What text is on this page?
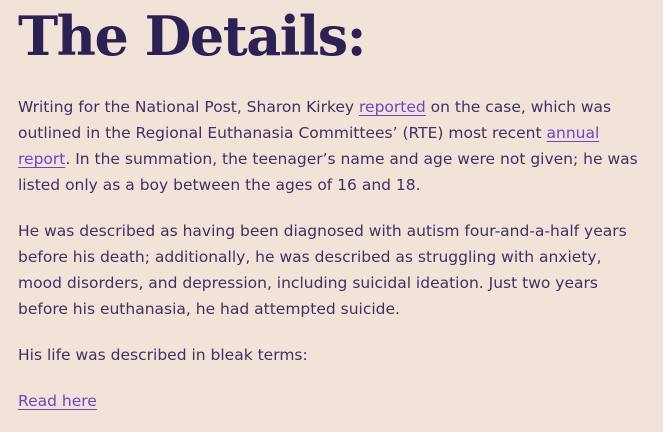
The Details:

Writing for the National Post, Sharon Kirkey reported on the case, which was outlined in the Regional Euthanasia Committees’ (RTE) most recent annual report. In the summation, the teenager’s name and age were not given; he was listed only as a boy between the ages of 16 and 18.

He was described as having been diagnosed with autism four-and-a-half years before his death; additionally, he was described as struggling with anxiety, mood disorders, and depression, including suicidal ideation. Just two years before his euthanasia, he had attempted suicide.

His life was described in bleak terms:

Read here
